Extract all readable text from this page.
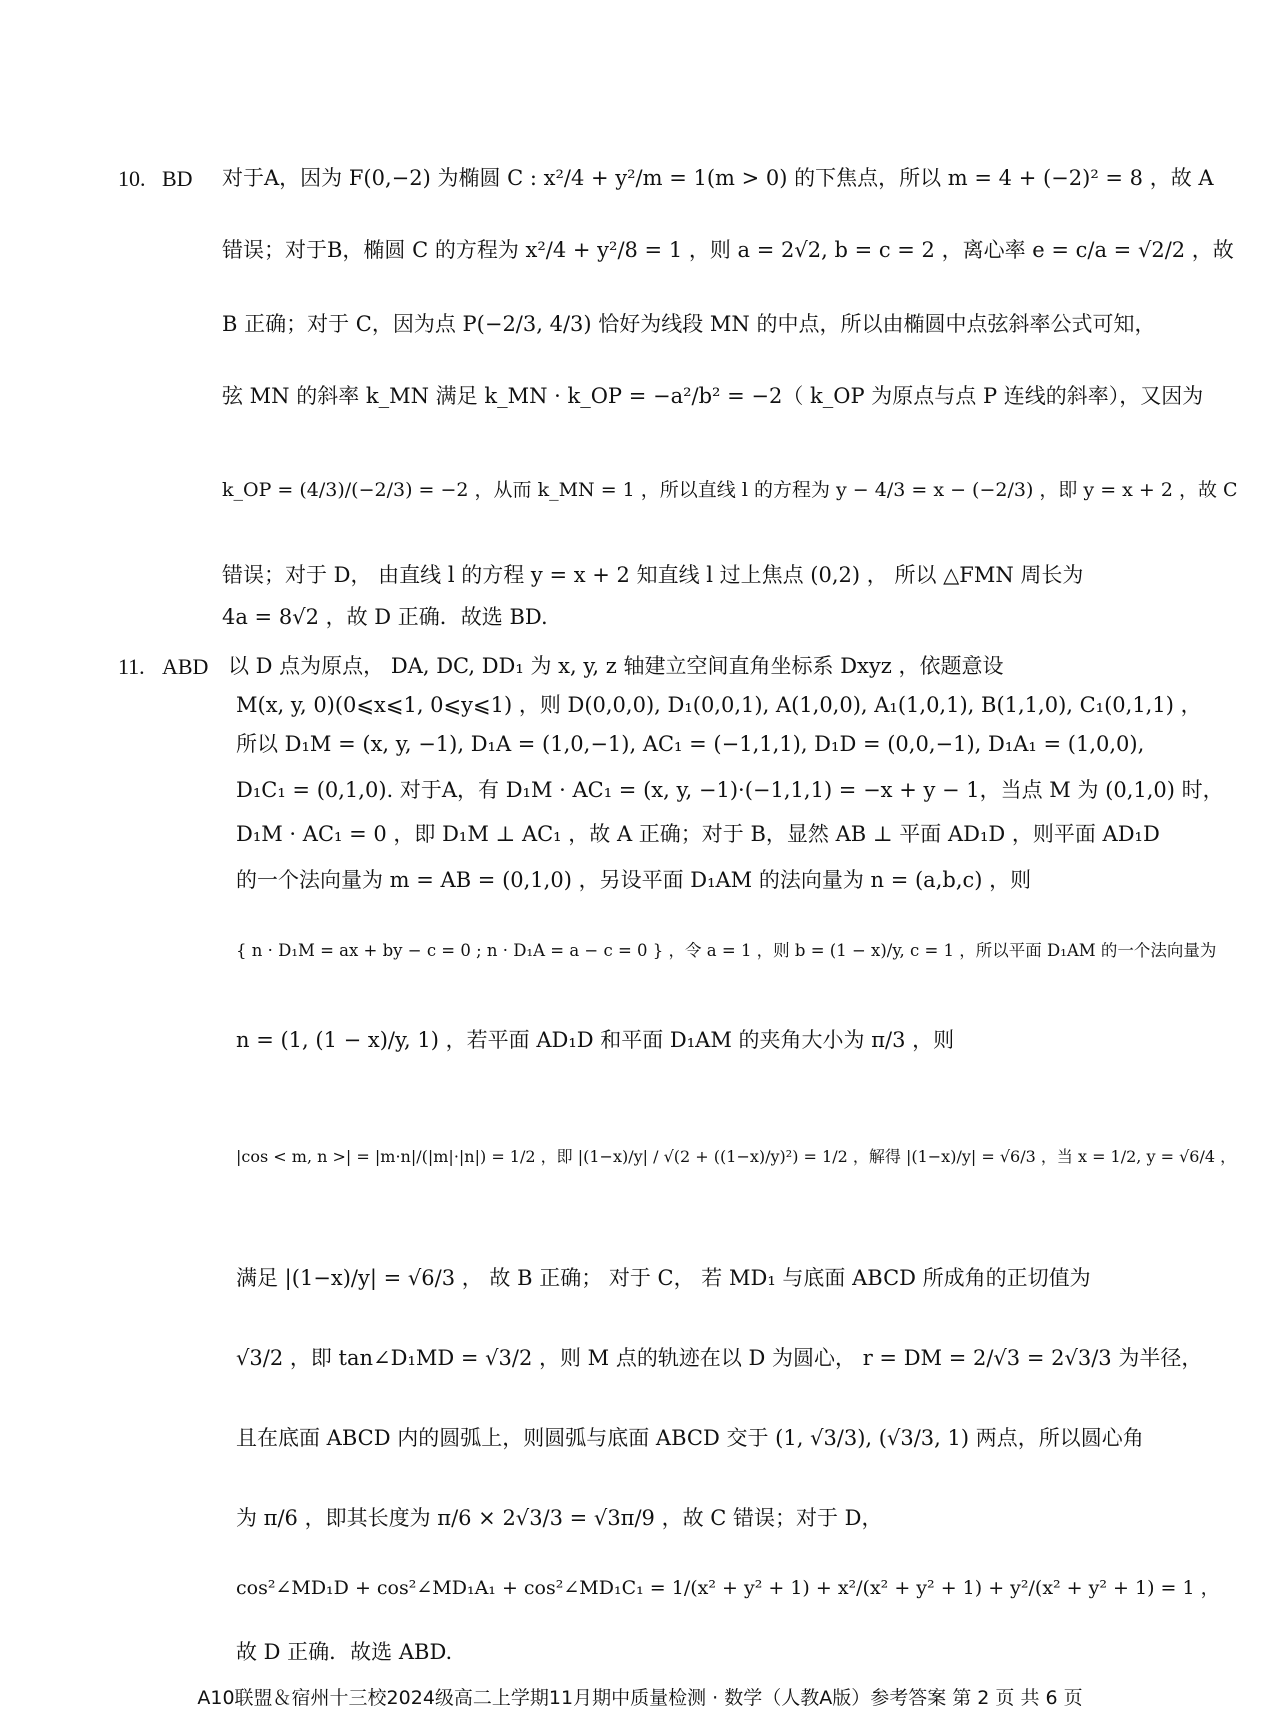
10. BD 对于A，因为 F(0,−2) 为椭圆 C : x²/4 + y²/m = 1(m > 0) 的下焦点，所以 m = 4 + (−2)² = 8 ，故 A
错误；对于B，椭圆 C 的方程为 x²/4 + y²/8 = 1 ，则 a = 2√2, b = c = 2 ，离心率 e = c/a = √2/2 ，故
B 正确；对于 C，因为点 P(−2/3, 4/3) 恰好为线段 MN 的中点，所以由椭圆中点弦斜率公式可知，
弦 MN 的斜率 k_MN 满足 k_MN · k_OP = −a²/b² = −2（ k_OP 为原点与点 P 连线的斜率），又因为
k_OP = (4/3)/(−2/3) = −2 ，从而 k_MN = 1 ，所以直线 l 的方程为 y − 4/3 = x − (−2/3) ，即 y = x + 2 ，故 C
错误；对于 D， 由直线 l 的方程 y = x + 2 知直线 l 过上焦点 (0,2) ， 所以 △FMN 周长为
4a = 8√2 ，故 D 正确．故选 BD.
11. ABD 以 D 点为原点， DA, DC, DD₁ 为 x, y, z 轴建立空间直角坐标系 Dxyz ，依题意设
M(x, y, 0)(0⩽x⩽1, 0⩽y⩽1) ，则 D(0,0,0), D₁(0,0,1), A(1,0,0), A₁(1,0,1), B(1,1,0), C₁(0,1,1) ，
所以 D₁M = (x, y, −1), D₁A = (1,0,−1), AC₁ = (−1,1,1), D₁D = (0,0,−1), D₁A₁ = (1,0,0),
D₁C₁ = (0,1,0). 对于A，有 D₁M · AC₁ = (x, y, −1)·(−1,1,1) = −x + y − 1，当点 M 为 (0,1,0) 时，
D₁M · AC₁ = 0 ，即 D₁M ⊥ AC₁ ，故 A 正确；对于 B，显然 AB ⊥ 平面 AD₁D ，则平面 AD₁D
的一个法向量为 m = AB = (0,1,0) ，另设平面 D₁AM 的法向量为 n = (a,b,c) ，则
{ n · D₁M = ax + by − c = 0 ; n · D₁A = a − c = 0 } ，令 a = 1 ，则 b = (1 − x)/y, c = 1 ，所以平面 D₁AM 的一个法向量为
n = (1, (1 − x)/y, 1) ，若平面 AD₁D 和平面 D₁AM 的夹角大小为 π/3 ，则
|cos < m, n >| = |m·n|/(|m|·|n|) = 1/2 ，即 |(1−x)/y| / √(2 + ((1−x)/y)²) = 1/2 ，解得 |(1−x)/y| = √6/3 ，当 x = 1/2, y = √6/4 ，
满足 |(1−x)/y| = √6/3 ， 故 B 正确； 对于 C， 若 MD₁ 与底面 ABCD 所成角的正切值为
√3/2 ，即 tan∠D₁MD = √3/2 ，则 M 点的轨迹在以 D 为圆心， r = DM = 2/√3 = 2√3/3 为半径，
且在底面 ABCD 内的圆弧上，则圆弧与底面 ABCD 交于 (1, √3/3), (√3/3, 1) 两点，所以圆心角
为 π/6 ，即其长度为 π/6 × 2√3/3 = √3π/9 ，故 C 错误；对于 D，
cos²∠MD₁D + cos²∠MD₁A₁ + cos²∠MD₁C₁ = 1/(x² + y² + 1) + x²/(x² + y² + 1) + y²/(x² + y² + 1) = 1 ，
故 D 正确．故选 ABD.
A10联盟＆宿州十三校2024级高二上学期11月期中质量检测 · 数学（人教A版）参考答案 第 2 页 共 6 页
